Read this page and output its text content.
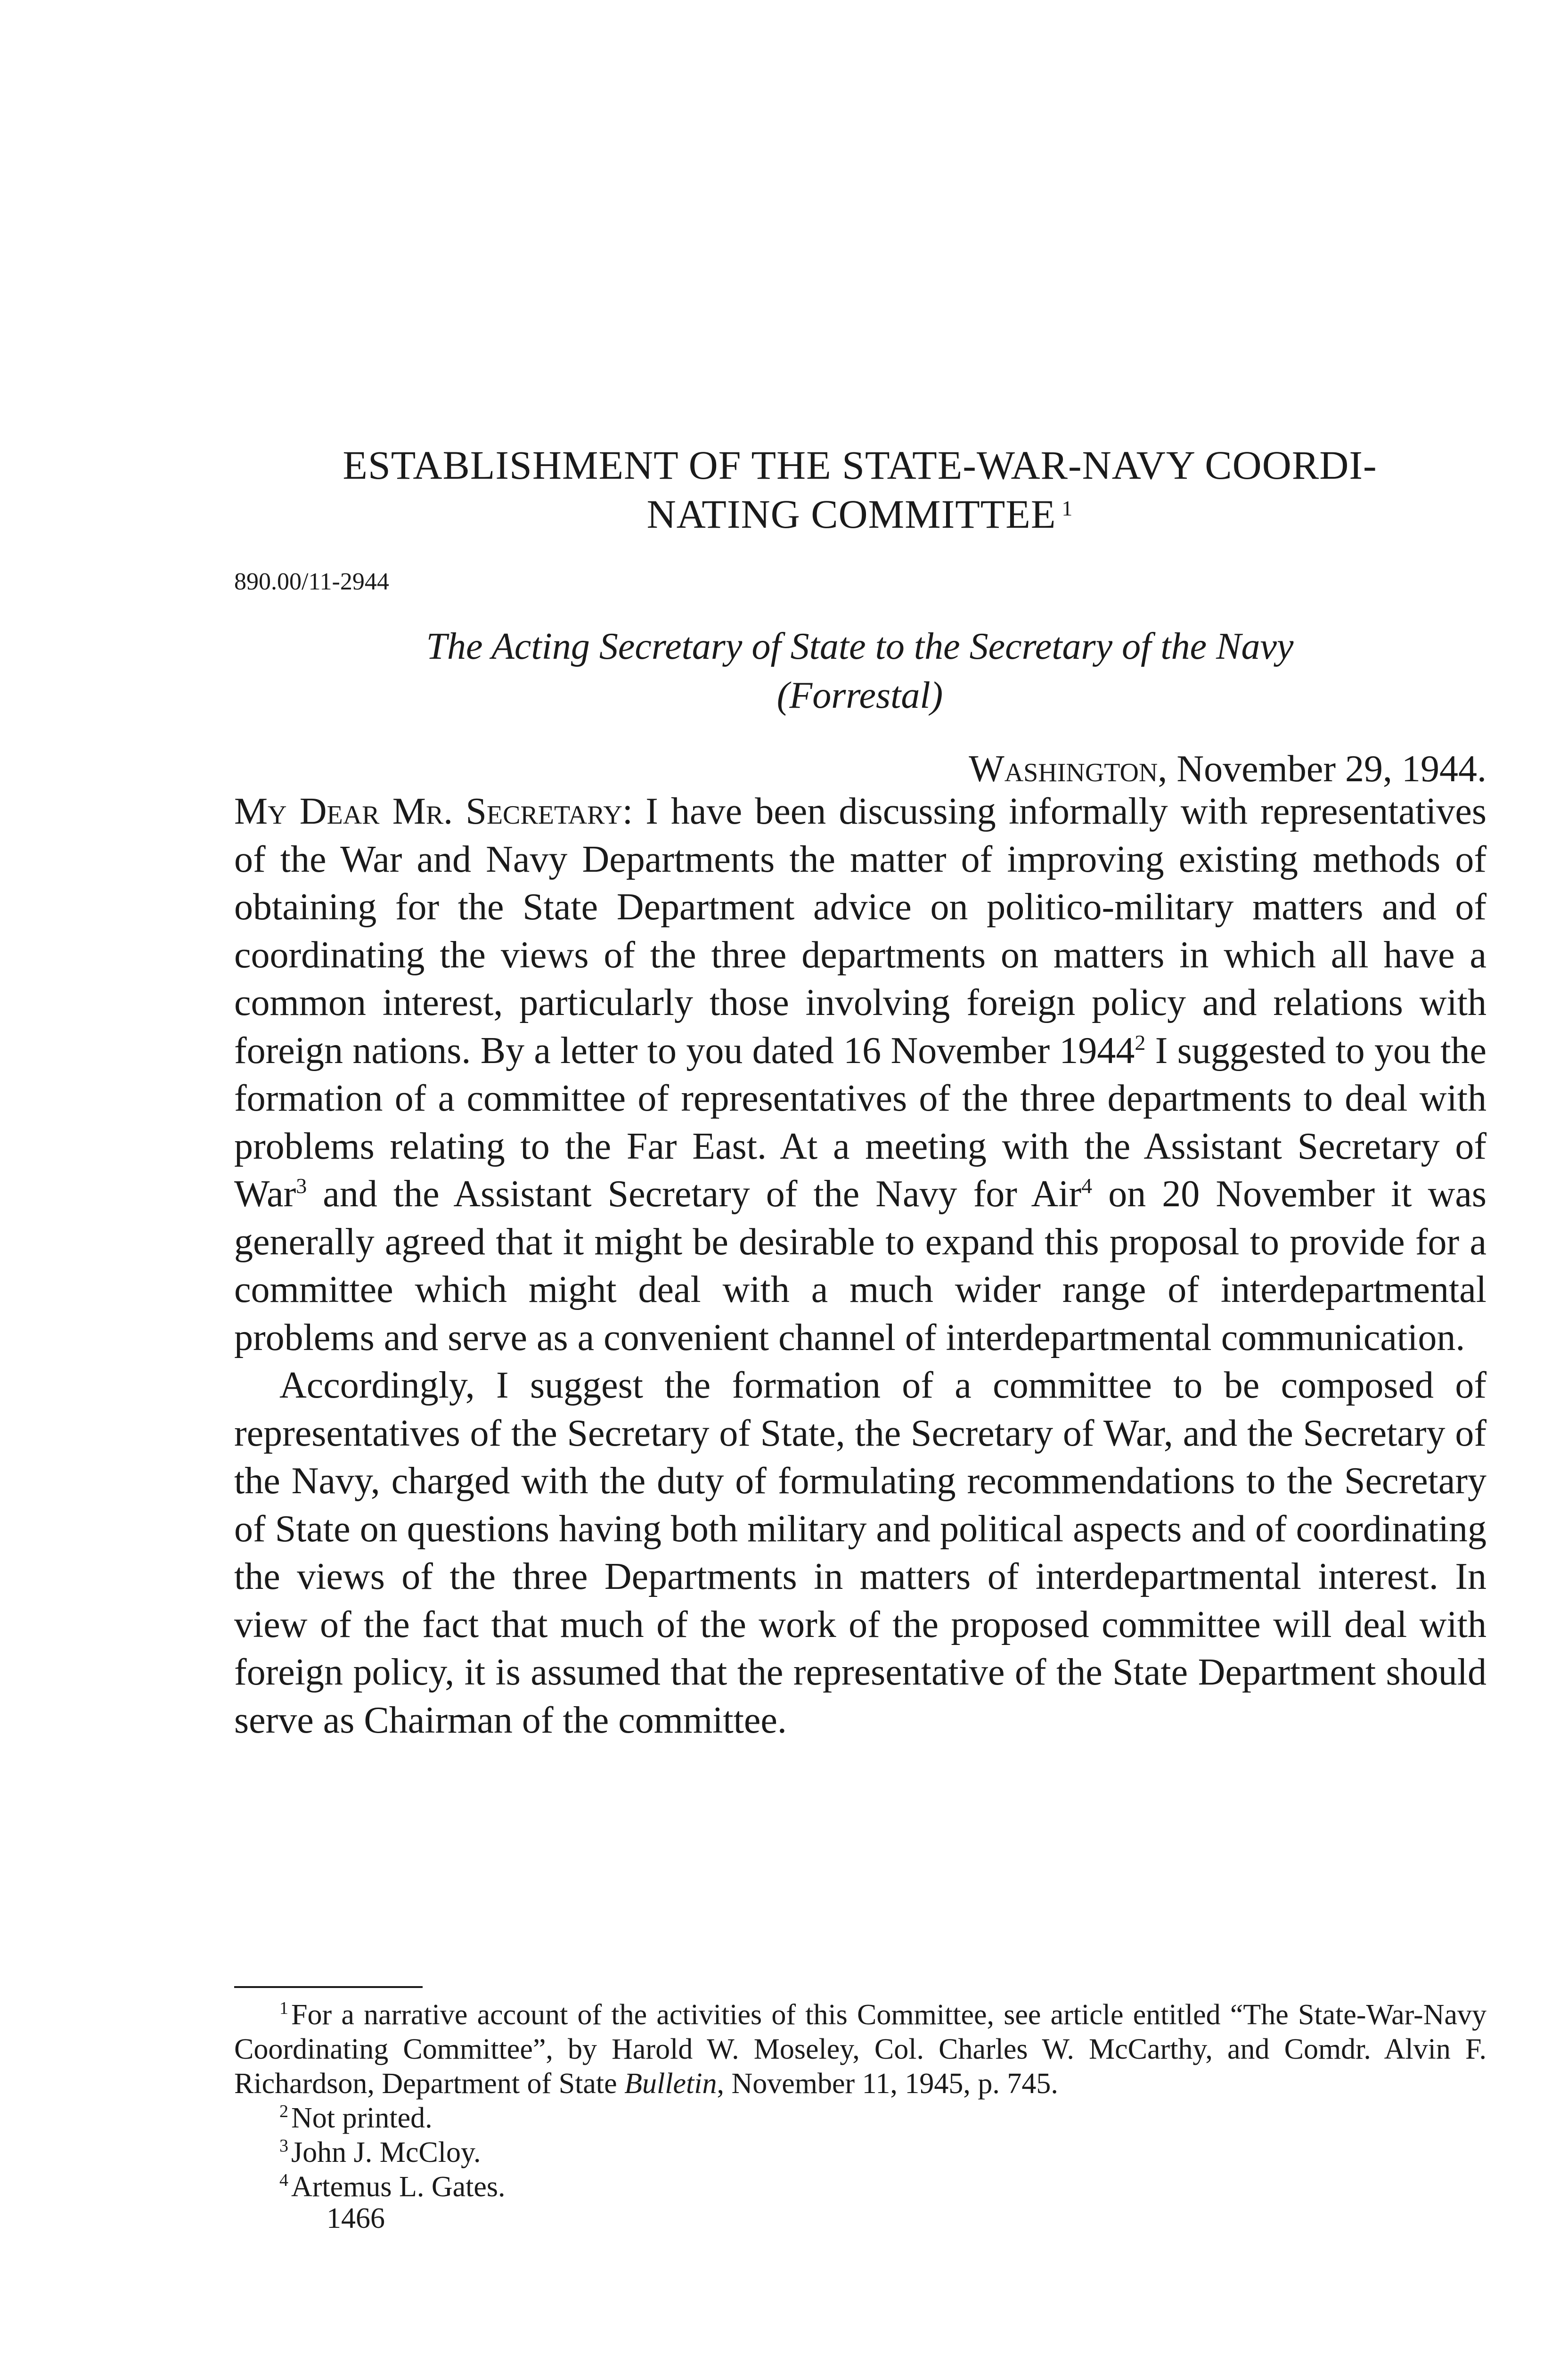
ESTABLISHMENT OF THE STATE-WAR-NAVY COORDI-
NATING COMMITTEE $^1$
890.00/11-2944
The Acting Secretary of State to the Secretary of the Navy
(Forrestal)
Washington, November 29, 1944.

My Dear Mr. Secretary: I have been discussing informally with representatives of the War and Navy Departments the matter of improving existing methods of obtaining for the State Department advice on politico-military matters and of coordinating the views of the three departments on matters in which all have a common interest, particularly those involving foreign policy and relations with foreign nations. By a letter to you dated 16 November 1944$^2$ I suggested to you the formation of a committee of representatives of the three departments to deal with problems relating to the Far East. At a meeting with the Assistant Secretary of War$^3$ and the Assistant Secretary of the Navy for Air$^4$ on 20 November it was generally agreed that it might be desirable to expand this proposal to provide for a committee which might deal with a much wider range of interdepartmental problems and serve as a convenient channel of interdepartmental communication.

Accordingly, I suggest the formation of a committee to be composed of representatives of the Secretary of State, the Secretary of War, and the Secretary of the Navy, charged with the duty of formulating recommendations to the Secretary of State on questions having both military and political aspects and of coordinating the views of the three Departments in matters of interdepartmental interest. In view of the fact that much of the work of the proposed committee will deal with foreign policy, it is assumed that the representative of the State Department should serve as Chairman of the committee.

$^1$For a narrative account of the activities of this Committee, see article entitled “The State-War-Navy Coordinating Committee”, by Harold W. Moseley, Col. Charles W. McCarthy, and Comdr. Alvin F. Richardson, Department of State Bulletin, November 11, 1945, p. 745.

$^2$Not printed.

$^3$John J. McCloy.

$^4$Artemus L. Gates.

1466
